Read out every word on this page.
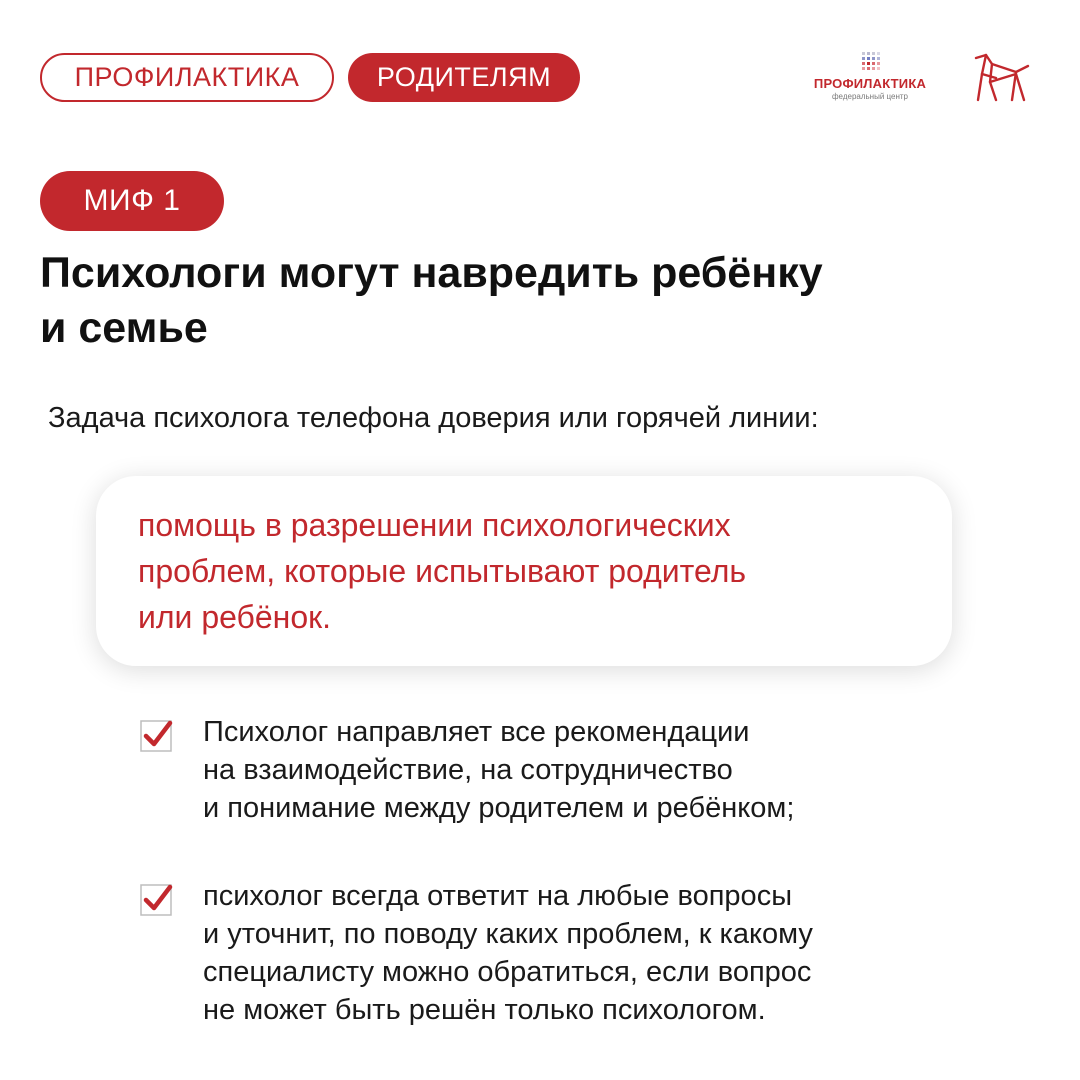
ПРОФИЛАКТИКА	РОДИТЕЛЯМ	ПРОФИЛАКТИКА
федеральный центр
МИФ 1
Психологи могут навредить ребёнку
и семье
Задача психолога телефона доверия или горячей линии:
помощь в разрешении психологических
проблем, которые испытывают родитель
или ребёнок.
Психолог направляет все рекомендации
на взаимодействие, на сотрудничество
и понимание между родителем и ребёнком;
психолог всегда ответит на любые вопросы
и уточнит, по поводу каких проблем, к какому
специалисту можно обратиться, если вопрос
не может быть решён только психологом.
